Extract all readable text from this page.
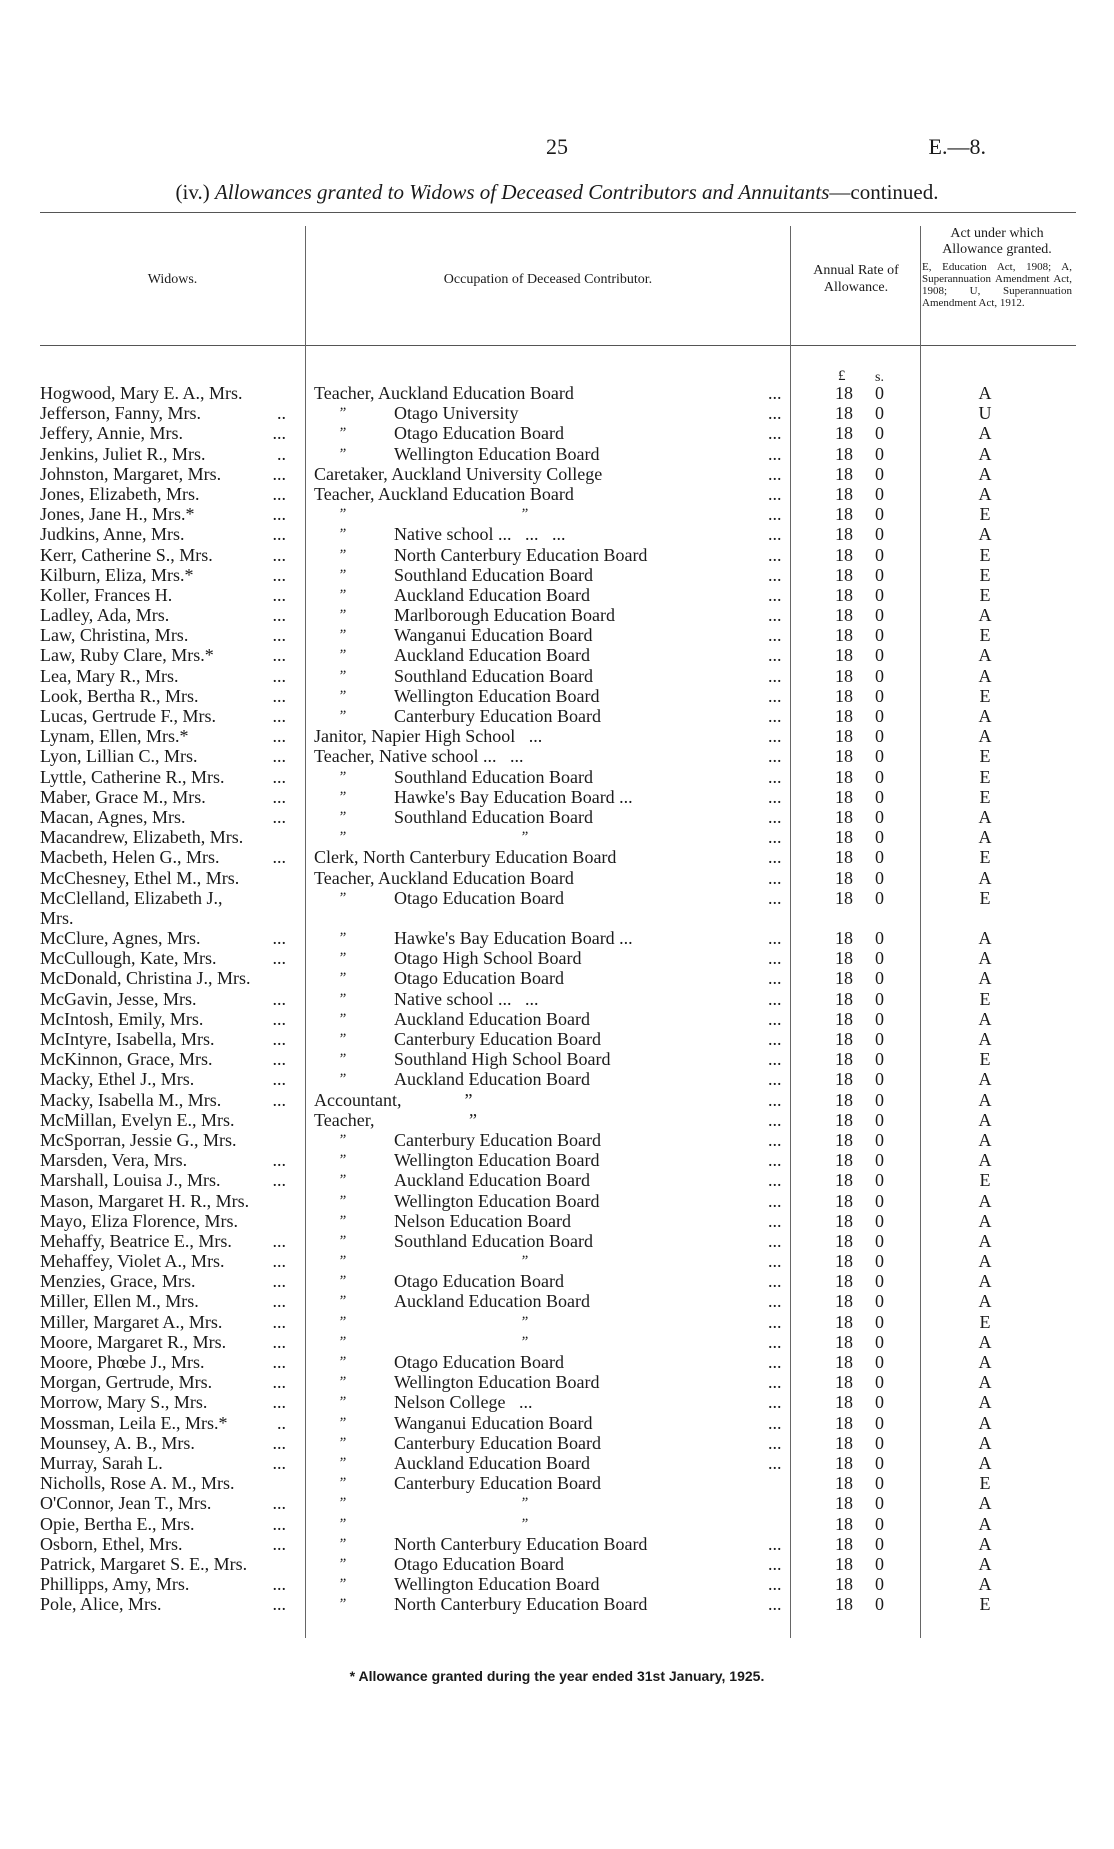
25	E.—8.
(iv.) Allowances granted to Widows of Deceased Contributors and Annuitants—continued.
Widows.	Occupation of Deceased Contributor.
Annual Rate of
Allowance.
Act under which
Allowance granted.
E, Education Act, 1908; A, Superannuation Amendment Act, 1908; U, Superannuation Amendment Act, 1912.
£ s.
Hogwood, Mary E. A., Mrs.	Teacher, Auckland Education Board	...	18 0	A
Jefferson, Fanny, Mrs.	..	”	Otago University	...	18 0	U
Jeffery, Annie, Mrs.	...	”	Otago Education Board	...	18 0	A
Jenkins, Juliet R., Mrs.	..	”	Wellington Education Board	...	18 0	A
Johnston, Margaret, Mrs.	... Caretaker, Auckland University College	...	18 0	A
Jones, Elizabeth, Mrs.	... Teacher, Auckland Education Board	...	18 0	A
Jones, Jane H., Mrs.*	...	”	”	...	18 0	E
Judkins, Anne, Mrs.	...	”	Native school ...   ...   ...	...	18 0	A
Kerr, Catherine S., Mrs.	...	”	North Canterbury Education Board	...	18 0	E
Kilburn, Eliza, Mrs.*	...	”	Southland Education Board	...	18 0	E
Koller, Frances H.	...	”	Auckland Education Board	...	18 0	E
Ladley, Ada, Mrs.	...	”	Marlborough Education Board	...	18 0	A
Law, Christina, Mrs.	...	”	Wanganui Education Board	...	18 0	E
Law, Ruby Clare, Mrs.*	...	”	Auckland Education Board	...	18 0	A
Lea, Mary R., Mrs.	...	”	Southland Education Board	...	18 0	A
Look, Bertha R., Mrs.	...	”	Wellington Education Board	...	18 0	E
Lucas, Gertrude F., Mrs.	...	”	Canterbury Education Board	...	18 0	A
Lynam, Ellen, Mrs.*	... Janitor, Napier High School   ...	...	18 0	A
Lyon, Lillian C., Mrs.	... Teacher, Native school ...   ...	...	18 0	E
Lyttle, Catherine R., Mrs.	...	”	Southland Education Board	...	18 0	E
Maber, Grace M., Mrs.	...	”	Hawke's Bay Education Board ...	...	18 0	E
Macan, Agnes, Mrs.	...	”	Southland Education Board	...	18 0	A
Macandrew, Elizabeth, Mrs.	”	”	...	18 0	A
Macbeth, Helen G., Mrs.	... Clerk, North Canterbury Education Board	...	18 0	E
McChesney, Ethel M., Mrs.	Teacher, Auckland Education Board	...	18 0	A
McClelland, Elizabeth J.,
Mrs.
”	Otago Education Board	...	18 0	E
McClure, Agnes, Mrs.	...	”	Hawke's Bay Education Board ...	...	18 0	A
McCullough, Kate, Mrs.	...	”	Otago High School Board	...	18 0	A
McDonald, Christina J., Mrs.	”	Otago Education Board	...	18 0	A
McGavin, Jesse, Mrs.	...	”	Native school ...   ...	...	18 0	E
McIntosh, Emily, Mrs.	...	”	Auckland Education Board	...	18 0	A
McIntyre, Isabella, Mrs.	...	”	Canterbury Education Board	...	18 0	A
McKinnon, Grace, Mrs.	...	”	Southland High School Board	...	18 0	E
Macky, Ethel J., Mrs.	...	”	Auckland Education Board	...	18 0	A
Macky, Isabella M., Mrs.	... Accountant,              ”	...	18 0	A
McMillan, Evelyn E., Mrs.	Teacher,                     ”	...	18 0	A
McSporran, Jessie G., Mrs.	”	Canterbury Education Board	...	18 0	A
Marsden, Vera, Mrs.	...	”	Wellington Education Board	...	18 0	A
Marshall, Louisa J., Mrs.	...	”	Auckland Education Board	...	18 0	E
Mason, Margaret H. R., Mrs.	”	Wellington Education Board	...	18 0	A
Mayo, Eliza Florence, Mrs.	”	Nelson Education Board	...	18 0	A
Mehaffy, Beatrice E., Mrs. ...	”	Southland Education Board	...	18 0	A
Mehaffey, Violet A., Mrs.	...	”	”	...	18 0	A
Menzies, Grace, Mrs.	...	”	Otago Education Board	...	18 0	A
Miller, Ellen M., Mrs.	...	”	Auckland Education Board	...	18 0	A
Miller, Margaret A., Mrs.	...	”	”	...	18 0	E
Moore, Margaret R., Mrs.	...	”	”	...	18 0	A
Moore, Phœbe J., Mrs.	...	”	Otago Education Board	...	18 0	A
Morgan, Gertrude, Mrs.	...	”	Wellington Education Board	...	18 0	A
Morrow, Mary S., Mrs.	...	”	Nelson College   ...	...	18 0	A
Mossman, Leila E., Mrs.*	..	”	Wanganui Education Board	...	18 0	A
Mounsey, A. B., Mrs.	...	”	Canterbury Education Board	...	18 0	A
Murray, Sarah L.	...	”	Auckland Education Board	...	18 0	A
Nicholls, Rose A. M., Mrs.	”	Canterbury Education Board	18 0	E
O'Connor, Jean T., Mrs.	...	”	”	18 0	A
Opie, Bertha E., Mrs.	...	”	”	18 0	A
Osborn, Ethel, Mrs.	...	”	North Canterbury Education Board	...	18 0	A
Patrick, Margaret S. E., Mrs.	”	Otago Education Board	...	18 0	A
Phillipps, Amy, Mrs.	...	”	Wellington Education Board	...	18 0	A
Pole, Alice, Mrs.	...	”	North Canterbury Education Board	...	18 0	E
* Allowance granted during the year ended 31st January, 1925.
